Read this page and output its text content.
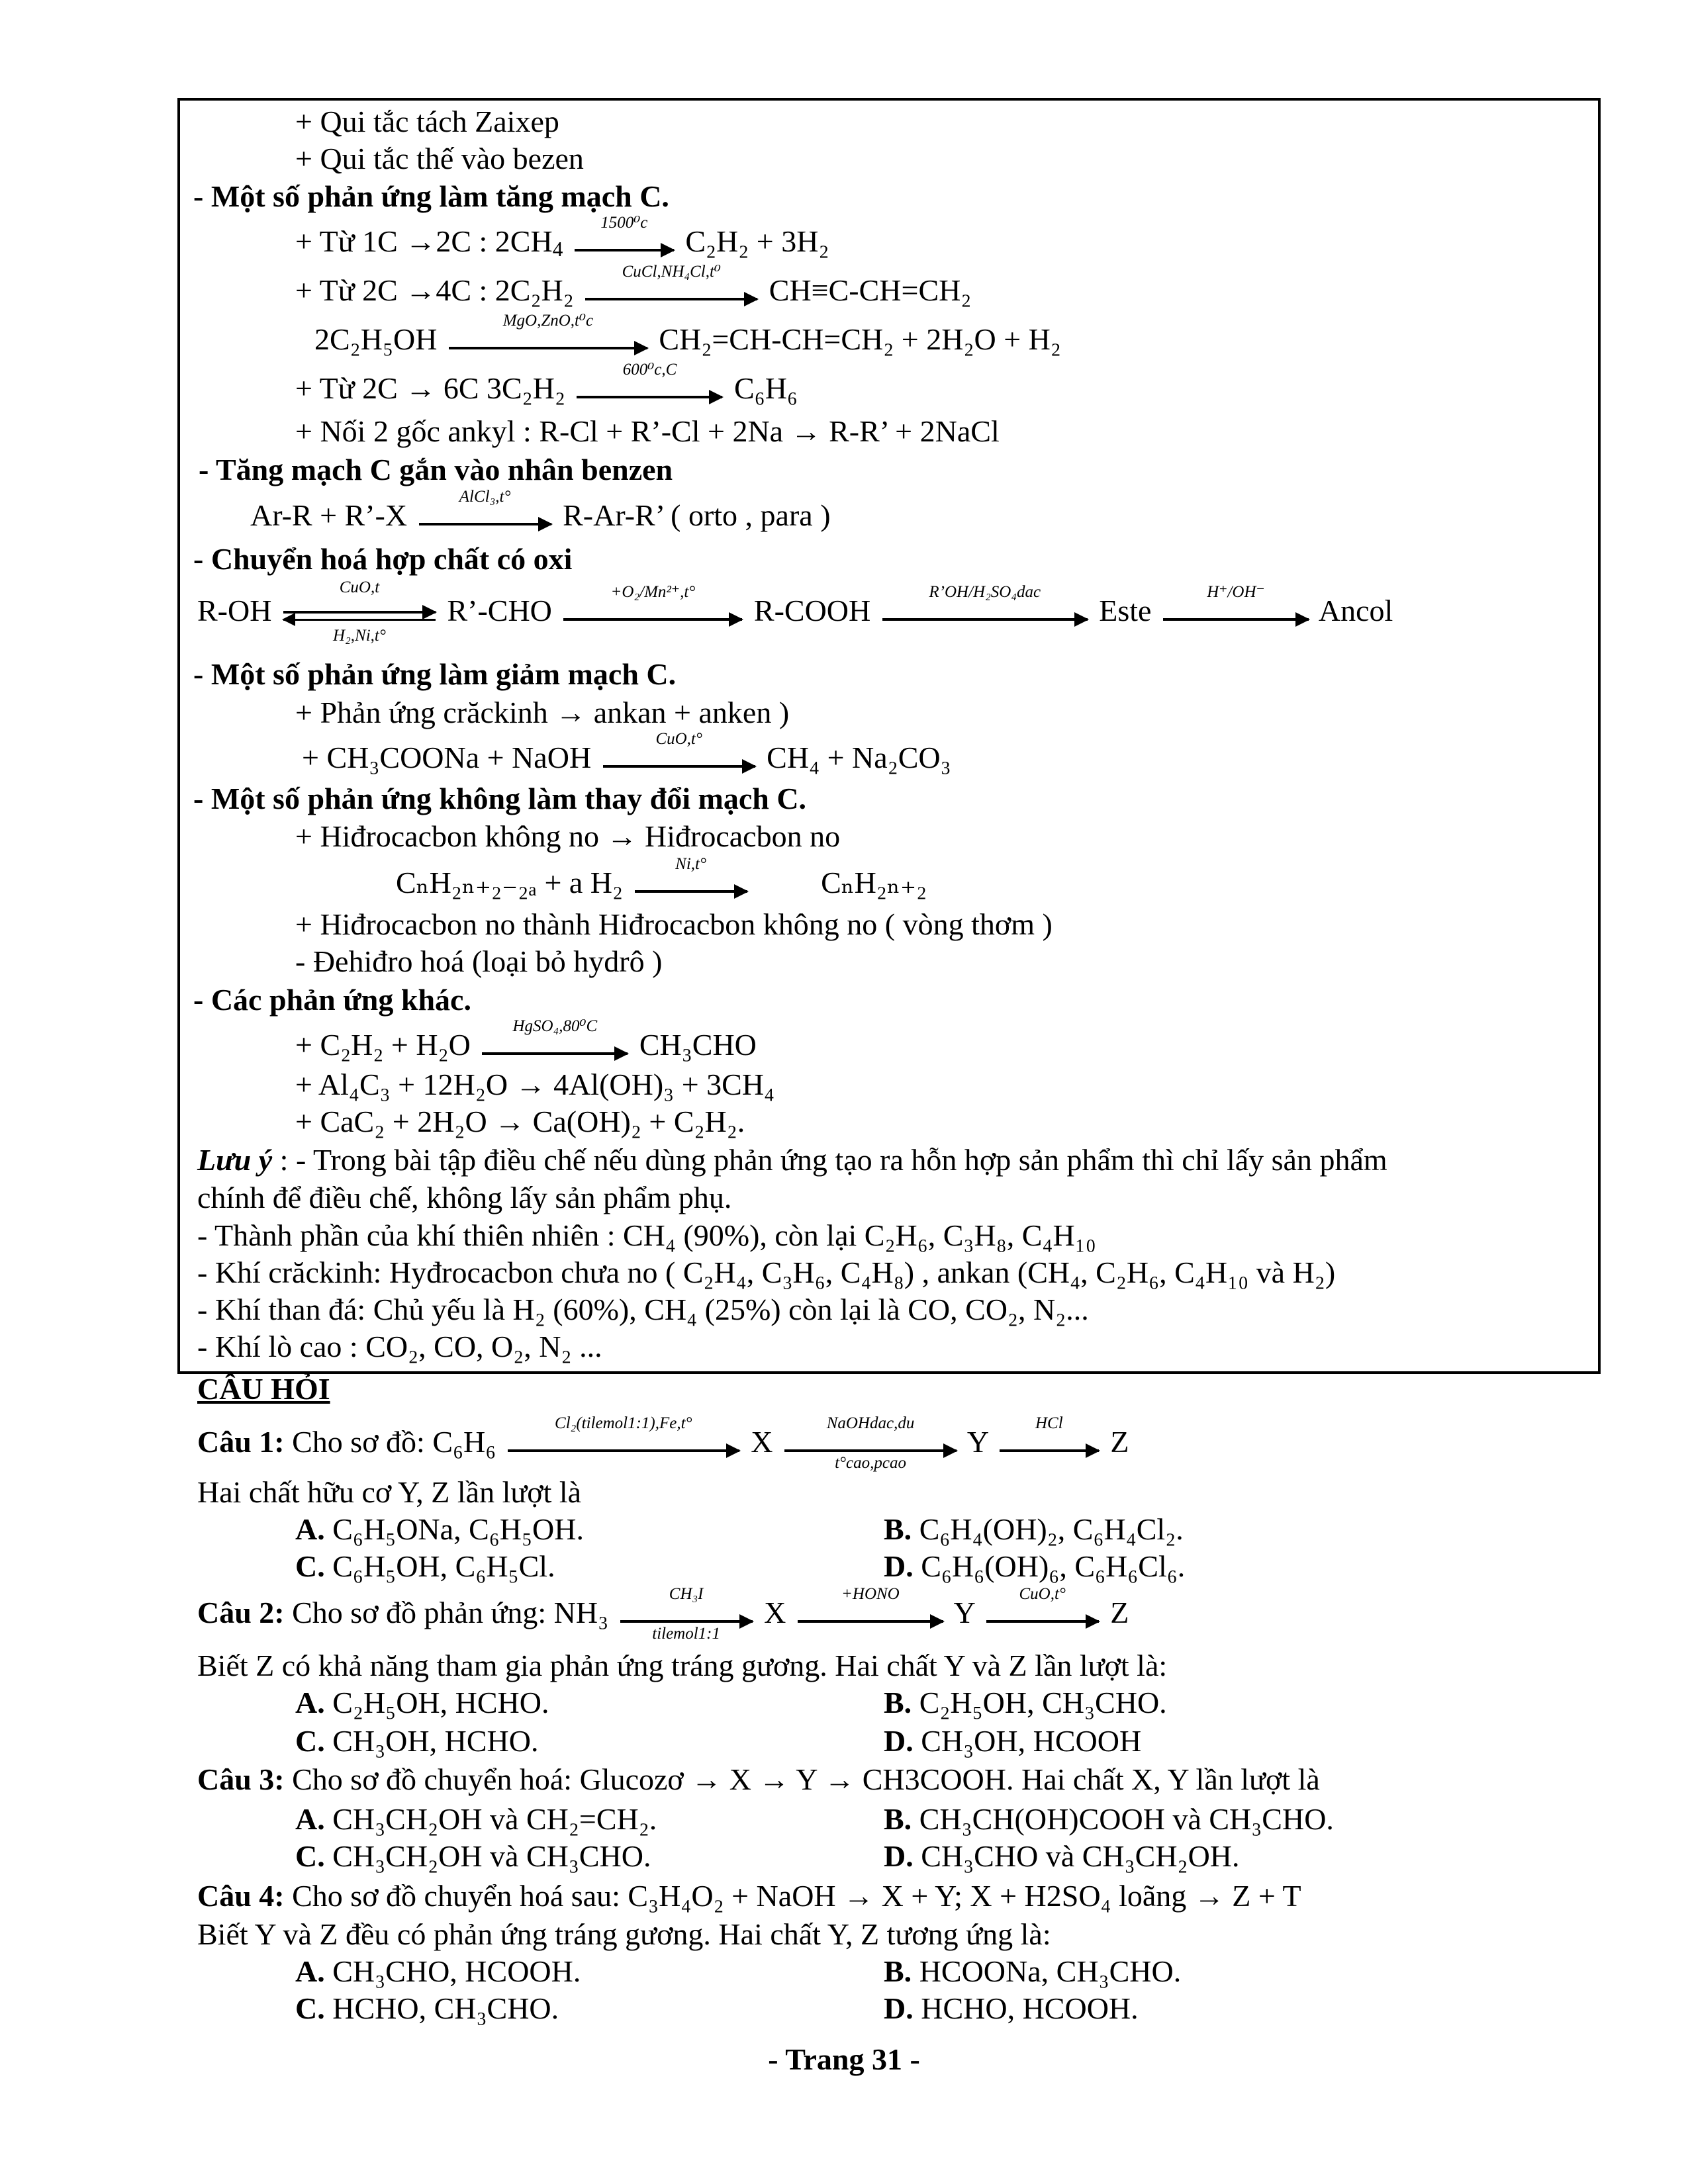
+ Qui tắc tách Zaixep
+ Qui tắc thế vào bezen
- Một số phản ứng làm tăng mạch C.
+ Từ 1C →2C : $2CH_4$
1500⁰c
C₂H₂ + 3H₂
+ Từ 2C →4C : 2C₂H₂
CuCl,NH₄Cl,t⁰
CH≡C-CH=CH₂
2C₂H₅OH
MgO,ZnO,t⁰c
CH₂=CH-CH=CH₂ + 2H₂O + H₂
+ Từ 2C → 6C 3C₂H₂
600⁰c,C
C₆H₆
+ Nối 2 gốc ankyl : R-Cl + R’-Cl + 2Na → R-R’ + 2NaCl
- Tăng mạch C gắn vào nhân benzen
Ar-R + R’-X
AlCl₃,t°
R-Ar-R’ ( orto , para )
- Chuyển hoá hợp chất có oxi
R-OH
CuO,t
H₂,Ni,t°
R’-CHO
+O₂/Mn²⁺,t°
R-COOH
R’OH/H₂SO₄dac
Este
H⁺/OH⁻
Ancol
- Một số phản ứng làm giảm mạch C.
+ Phản ứng crăckinh → ankan + anken )
+ CH₃COONa + NaOH
CuO,t°
CH₄ + Na₂CO₃
- Một số phản ứng không làm thay đổi mạch C.
+ Hiđrocacbon không no → Hiđrocacbon no
CₙH₂ₙ₊₂₋₂ₐ + a H₂
Ni,t°
CₙH₂ₙ₊₂
+ Hiđrocacbon no thành Hiđrocacbon không no ( vòng thơm )
- Đehiđro hoá (loại bỏ hydrô )
- Các phản ứng khác.
+ C₂H₂ + H₂O
HgSO₄,80⁰C
CH₃CHO
+ Al₄C₃ + 12H₂O → 4Al(OH)₃ + 3CH₄
+ CaC₂ + 2H₂O → Ca(OH)₂ + C₂H₂.
Lưu ý : - Trong bài tập điều chế nếu dùng phản ứng tạo ra hỗn hợp sản phẩm thì chỉ lấy sản phẩm
chính để điều chế, không lấy sản phẩm phụ.
- Thành phần của khí thiên nhiên : CH₄ (90%), còn lại C₂H₆, C₃H₈, C₄H₁₀
- Khí crăckinh: Hyđrocacbon chưa no ( C₂H₄, C₃H₆, C₄H₈) , ankan (CH₄, C₂H₆, C₄H₁₀ và H₂)
- Khí than đá: Chủ yếu là H₂ (60%), CH₄ (25%) còn lại là CO, CO₂, N₂...
- Khí lò cao : CO₂, CO, O₂, N₂ ...
CÂU HỎI
Câu 1: Cho sơ đồ: C₆H₆
Cl₂(tilemol1:1),Fe,t°
X
NaOHdac,du
t°cao,pcao
Y
HCl
Z
Hai chất hữu cơ Y, Z lần lượt là
A. C₆H₅ONa, C₆H₅OH.	B. C₆H₄(OH)₂, C₆H₄Cl₂.
C. C₆H₅OH, C₆H₅Cl.	D. C₆H₆(OH)₆, C₆H₆Cl₆.
Câu 2: Cho sơ đồ phản ứng: NH₃
CH₃I
tilemol1:1
X
+HONO
Y
CuO,t°
Z
Biết Z có khả năng tham gia phản ứng tráng gương. Hai chất Y và Z lần lượt là:
A. C₂H₅OH, HCHO.	B. C₂H₅OH, CH₃CHO.
C. CH₃OH, HCHO.	D. CH₃OH, HCOOH
Câu 3: Cho sơ đồ chuyển hoá: Glucozơ → X → Y → CH3COOH. Hai chất X, Y lần lượt là
A. CH₃CH₂OH và CH₂=CH₂.	B. CH₃CH(OH)COOH và CH₃CHO.
C. CH₃CH₂OH và CH₃CHO.	D. CH₃CHO và CH₃CH₂OH.
Câu 4: Cho sơ đồ chuyển hoá sau: C₃H₄O₂ + NaOH → X + Y; X + H2SO₄ loãng → Z + T
Biết Y và Z đều có phản ứng tráng gương. Hai chất Y, Z tương ứng là:
A. CH₃CHO, HCOOH.	B. HCOONa, CH₃CHO.
C. HCHO, CH₃CHO.	D. HCHO, HCOOH.
- Trang 31 -
